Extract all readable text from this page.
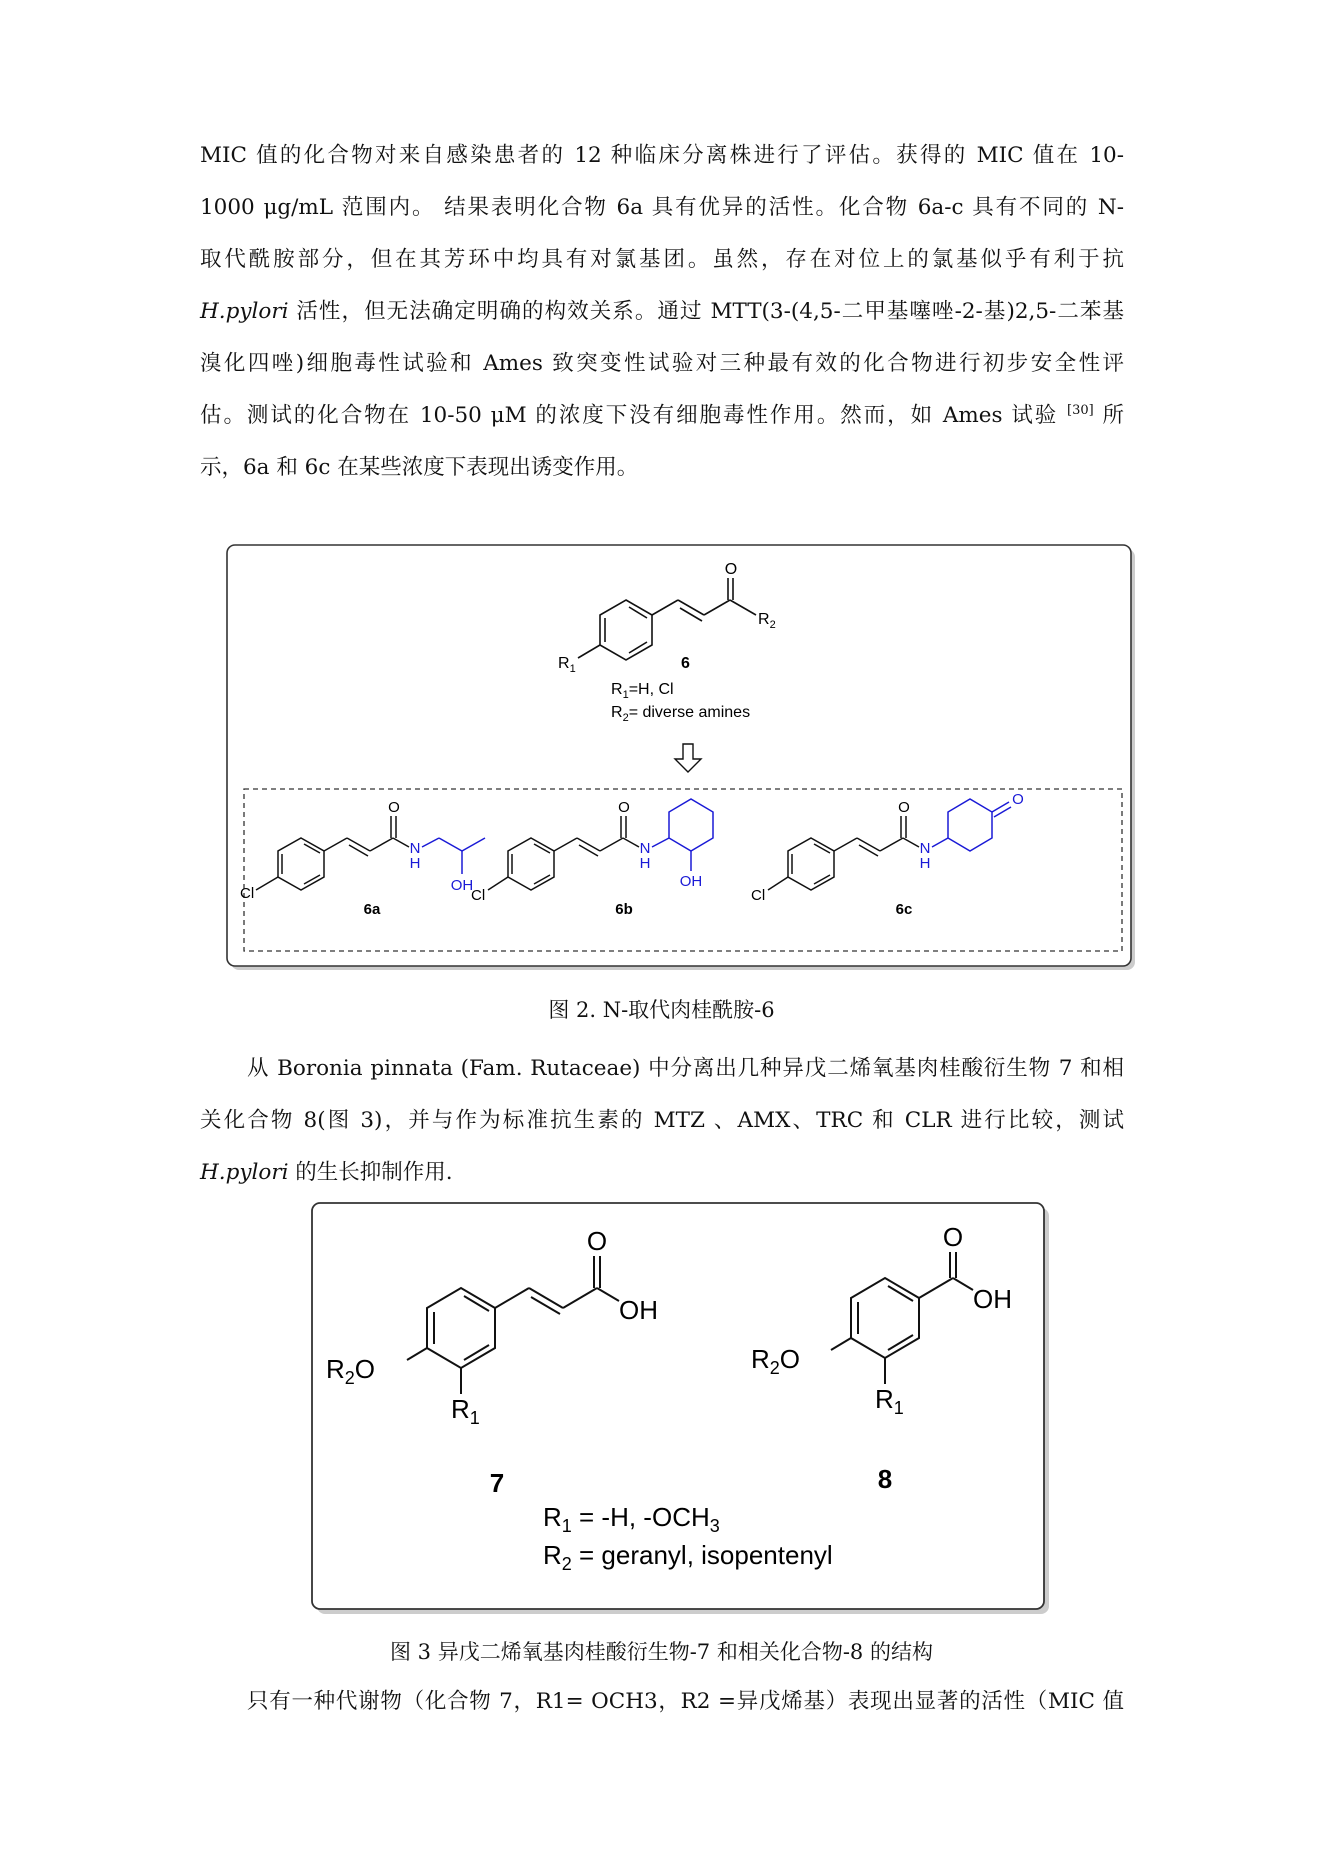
MIC 值的化合物对来自感染患者的 12 种临床分离株进行了评估。获得的 MIC 值在 10-
1000 μg/mL 范围内。 结果表明化合物 6a 具有优异的活性。化合物 6a-c 具有不同的 N-
取代酰胺部分，但在其芳环中均具有对氯基团。虽然，存在对位上的氯基似乎有利于抗
H.pylori 活性，但无法确定明确的构效关系。通过 MTT(3-(4,5-二甲基噻唑-2-基)2,5-二苯基
溴化四唑)细胞毒性试验和 Ames 致突变性试验对三种最有效的化合物进行初步安全性评
估。测试的化合物在 10-50 μM 的浓度下没有细胞毒性作用。然而，如 Ames 试验 [30] 所
示，6a 和 6c 在某些浓度下表现出诱变作用。
O
$R_2$
$R_1$	6
$R_1=H$, Cl
$R_2=$ diverse amines
O
N
H
OH
Cl
6a
O
N
H
OH
Cl
6b
O
N
H
O
Cl
6c
图 2. N-取代肉桂酰胺-6
从 Boronia pinnata (Fam. Rutaceae) 中分离出几种异戊二烯氧基肉桂酸衍生物 7 和相
关化合物 8(图 3)，并与作为标准抗生素的 MTZ 、AMX、TRC 和 CLR 进行比较，测试
H.pylori 的生长抑制作用.
O
OH
$R_2O$
$R_1$
7
O
OH
$R_2O$
$R_1$
8
$R_1 = -H$, $-OCH_3$
$R_2$ = geranyl, isopentenyl
图 3 异戊二烯氧基肉桂酸衍生物-7 和相关化合物-8 的结构
只有一种代谢物（化合物 7，R1= OCH3，R2 =异戊烯基）表现出显著的活性（MIC 值
